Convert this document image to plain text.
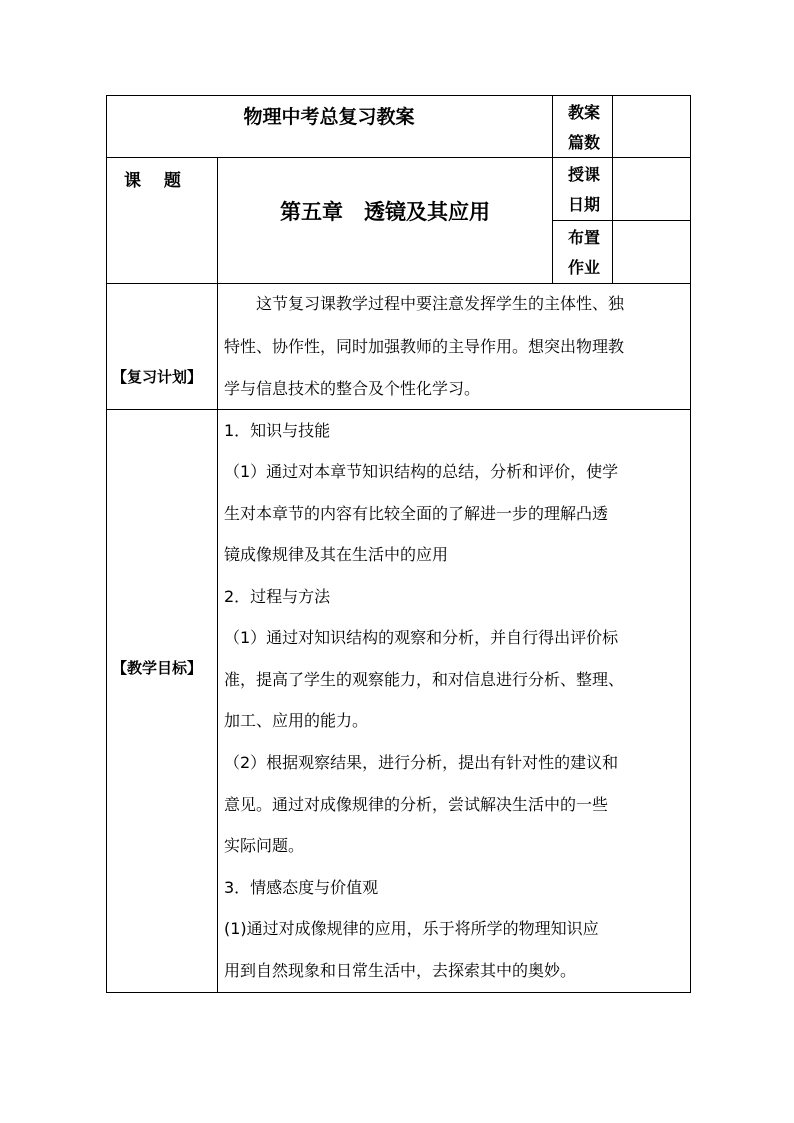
物理中考总复习教案	教案
篇数
课　 题
第五章　透镜及其应用
授课
日期
布置
作业
【复习计划】
　　这节复习课教学过程中要注意发挥学生的主体性、独
特性、协作性，同时加强教师的主导作用。想突出物理教
学与信息技术的整合及个性化学习。
【教学目标】
1．知识与技能
（1）通过对本章节知识结构的总结，分析和评价，使学
生对本章节的内容有比较全面的了解进一步的理解凸透
镜成像规律及其在生活中的应用
2．过程与方法
（1）通过对知识结构的观察和分析，并自行得出评价标
准，提高了学生的观察能力，和对信息进行分析、整理、
加工、应用的能力。
（2）根据观察结果，进行分析，提出有针对性的建议和
意见。通过对成像规律的分析，尝试解决生活中的一些
实际问题。
3．情感态度与价值观
(1)通过对成像规律的应用，乐于将所学的物理知识应
用到自然现象和日常生活中，去探索其中的奥妙。
